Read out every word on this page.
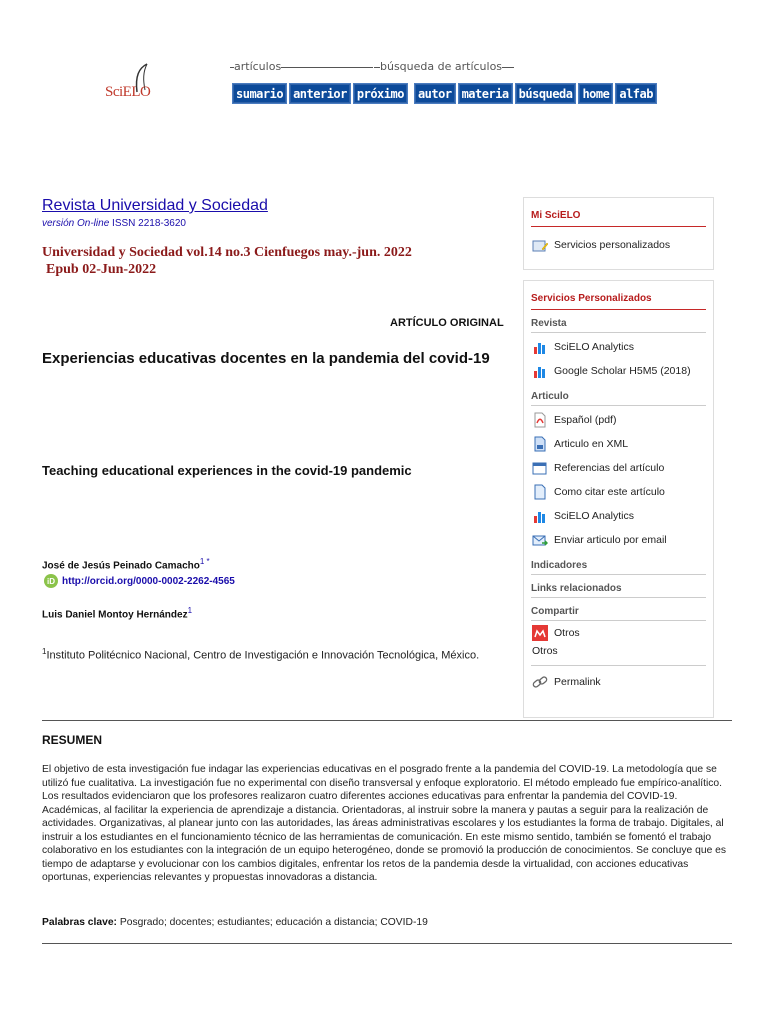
SciELO
artículos	búsqueda de artículos
sumario anterior próximo	autor materia búsqueda home alfab
Revista Universidad y Sociedad
versión On-line ISSN 2218-3620
Universidad y Sociedad vol.14 no.3 Cienfuegos may.-jun. 2022
Epub 02-Jun-2022
ARTÍCULO ORIGINAL
Experiencias educativas docentes en la pandemia del covid-19
Teaching educational experiences in the covid-19 pandemic
José de Jesús Peinado Camacho$^{1 *}$
iD http://orcid.org/0000-0002-2262-4565
Luis Daniel Montoy Hernández$^1$
$^1$Instituto Politécnico Nacional, Centro de Investigación e Innovación Tecnológica, México.
Mi SciELO
Servicios personalizados
Servicios Personalizados
Revista
SciELO Analytics
Google Scholar H5M5 (2018)
Articulo
Español (pdf)
Articulo en XML
Referencias del artículo
Como citar este artículo
SciELO Analytics
Enviar articulo por email
Indicadores
Links relacionados
Compartir
Otros
Otros
Permalink
RESUMEN
El objetivo de esta investigación fue indagar las experiencias educativas en el posgrado frente a la pandemia del COVID-19. La metodología que se utilizó fue cualitativa. La investigación fue no experimental con diseño transversal y enfoque exploratorio. El método empleado fue empírico-analítico. Los resultados evidenciaron que los profesores realizaron cuatro diferentes acciones educativas para enfrentar la pandemia del COVID-19. Académicas, al facilitar la experiencia de aprendizaje a distancia. Orientadoras, al instruir sobre la manera y pautas a seguir para la realización de actividades. Organizativas, al planear junto con las autoridades, las áreas administrativas escolares y los estudiantes la forma de trabajo. Digitales, al instruir a los estudiantes en el funcionamiento técnico de las herramientas de comunicación. En este mismo sentido, también se fomentó el trabajo colaborativo en los estudiantes con la integración de un equipo heterogéneo, donde se promovió la producción de conocimientos. Se concluye que es tiempo de adaptarse y evolucionar con los cambios digitales, enfrentar los retos de la pandemia desde la virtualidad, con acciones educativas oportunas, experiencias relevantes y propuestas innovadoras a distancia.
Palabras clave: Posgrado; docentes; estudiantes; educación a distancia; COVID-19
